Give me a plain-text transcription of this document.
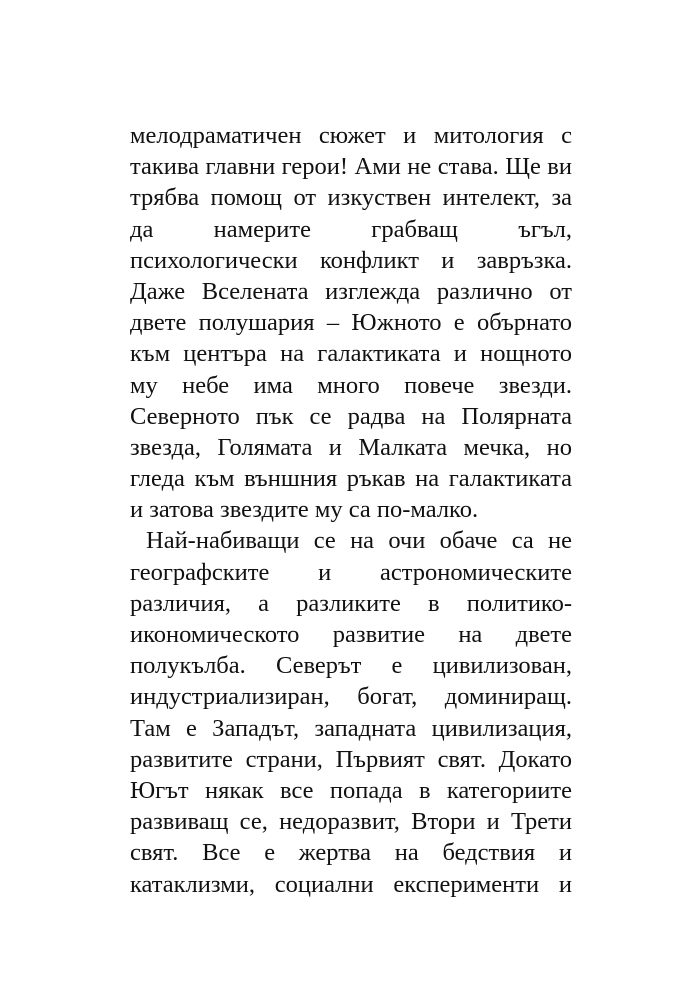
мелодраматичен сюжет и митология с
такива главни герои! Ами не става. Ще ви
трябва помощ от изкуствен интелект, за
да намерите грабващ ъгъл,
психологически конфликт и завръзка.
Даже Вселената изглежда различно от
двете полушария – Южното е обърнато
към центъра на галактиката и нощното
му небе има много повече звезди.
Северното пък се радва на Полярната
звезда, Голямата и Малката мечка, но
гледа към външния ръкав на галактиката
и затова звездите му са по-малко.
Най-набиващи се на очи обаче са не
географските и астрономическите
различия, а разликите в политико-
икономическото развитие на двете
полукълба. Северът е цивилизован,
индустриализиран, богат, доминиращ.
Там е Западът, западната цивилизация,
развитите страни, Първият свят. Докато
Югът някак все попада в категориите
развиващ се, недоразвит, Втори и Трети
свят. Все е жертва на бедствия и
катаклизми, социални експерименти и
